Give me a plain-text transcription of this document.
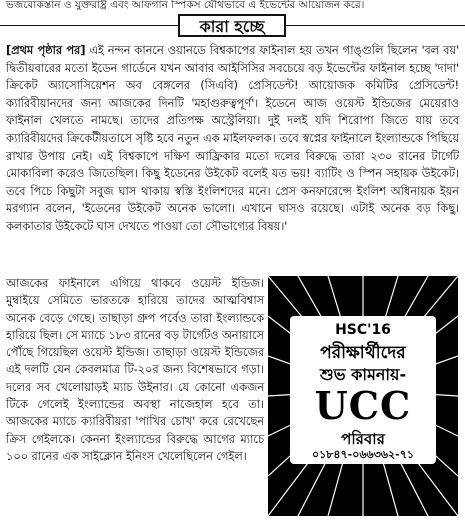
ভজবোকস্তান ও যুক্তরাষ্ট্র এবং আফগান স্পিকস যৌথভাবে এ ইভেন্টের আয়োজন করে।
কারা হচ্ছে
[প্রথম পৃষ্ঠার পর] এই নন্দন কাননে ওয়ানডে বিশ্বকাপের ফাইনাল হয় তখন গাঙ্গুলি ছিলেন 'বল বয়' দ্বিতীয়বারের মতো ইডেন গার্ডেনে যখন আবার আইসিসির সবচেয়ে বড় ইভেন্টের ফাইনাল হচ্ছে 'দাদা' ক্রিকেট অ্যাসোসিয়েশন অব বেঙ্গলের (সিএবি) প্রেসিডেন্ট! আয়োজক কমিটির প্রেসিডেন্ট! ক্যারিবীয়ানদের জন্য আজকের দিনটি 'মহাগুরুত্বপূর্ণ'। ইডেনে আজ ওয়েস্ট ইন্ডিজের মেয়েরাও ফাইনাল খেলতে নামছে। তাদের প্রতিপক্ষ অস্ট্রেলিয়া। দুই দলই যদি শিরোপা জিতে যায় তবে ক্যারিবীয়দের ক্রিকেটীয়তাসে সৃষ্টি হবে নতুন এক মাইলফলক। তবে স্বপ্নের ফাইনালে ইংল্যান্ডকে পিছিয়ে রাখার উপায় নেই। এই বিশ্বকাপে দক্ষিণ আফ্রিকার মতো দলের বিরুদ্ধে তারা ২৩০ রানের টার্গেট মোকাবিলা করেও জিতেছিল। কিছু ইডেনের উইকেট বলেই যত ভয়! ব্যাটিং ও স্পিন সহায়ক উইকেট। তবে পিচে কিছুটা সবুজ ঘাস থাকায় স্বস্তি ইংলিশদের মনে। প্রেস কনফারেন্সে ইংলিশ অধিনায়ক ইয়ন মরগ্যান বলেন, 'ইডেনের উইকেট অনেক ভালো। এখানে ঘাসও রয়েছে। এটাই অনেক বড় কিছু। কলকাতার উইকেটে ঘাস দেখতে পাওয়া তো সৌভাগ্যের বিষয়।'
আজকের ফাইনালে এগিয়ে থাকবে ওয়েস্ট ইন্ডিজ। মুম্বাইয়ে সেমিতে ভারতকে হারিয়ে তাদের আত্মবিশ্বাস অনেক বেড়ে গেছে। তাছাড়া গ্রুপ পর্বেও তারা ইংল্যান্ডকে হারিয়ে ছিল। সে ম্যাচে ১৮৩ রানের বড় টার্গেটও অনায়াসে পৌঁছে গিয়েছিল ওয়েস্ট ইন্ডিজ। তাছাড়া ওয়েস্ট ইন্ডিজের এই দলটি যেন কেবলমাত্র টি-২০র জন্য বিশেষভাবে গড়া। দলের সব খেলোয়াড়ই ম্যাচ উইনার। যে কোনো একজন টিকে গেলেই ইংল্যান্ডের অবস্থা নাজেহাল হবে তা। আজকের ম্যাচে ক্যারিবীয়রা 'পাখির চোখ' করে রেখেছেন ক্রিস গেইলকে। কেননা ইংল্যান্ডের বিরুদ্ধে আগের ম্যাচে ১০০ রানের এক সাইক্লোন ইনিংস খেলেছিলেন গেইল।
HSC'16
পরীক্ষার্থীদের
শুভ কামনায়-
UCC
পরিবার
০১৮৪৭-০৬৬৩৬২-৭১
